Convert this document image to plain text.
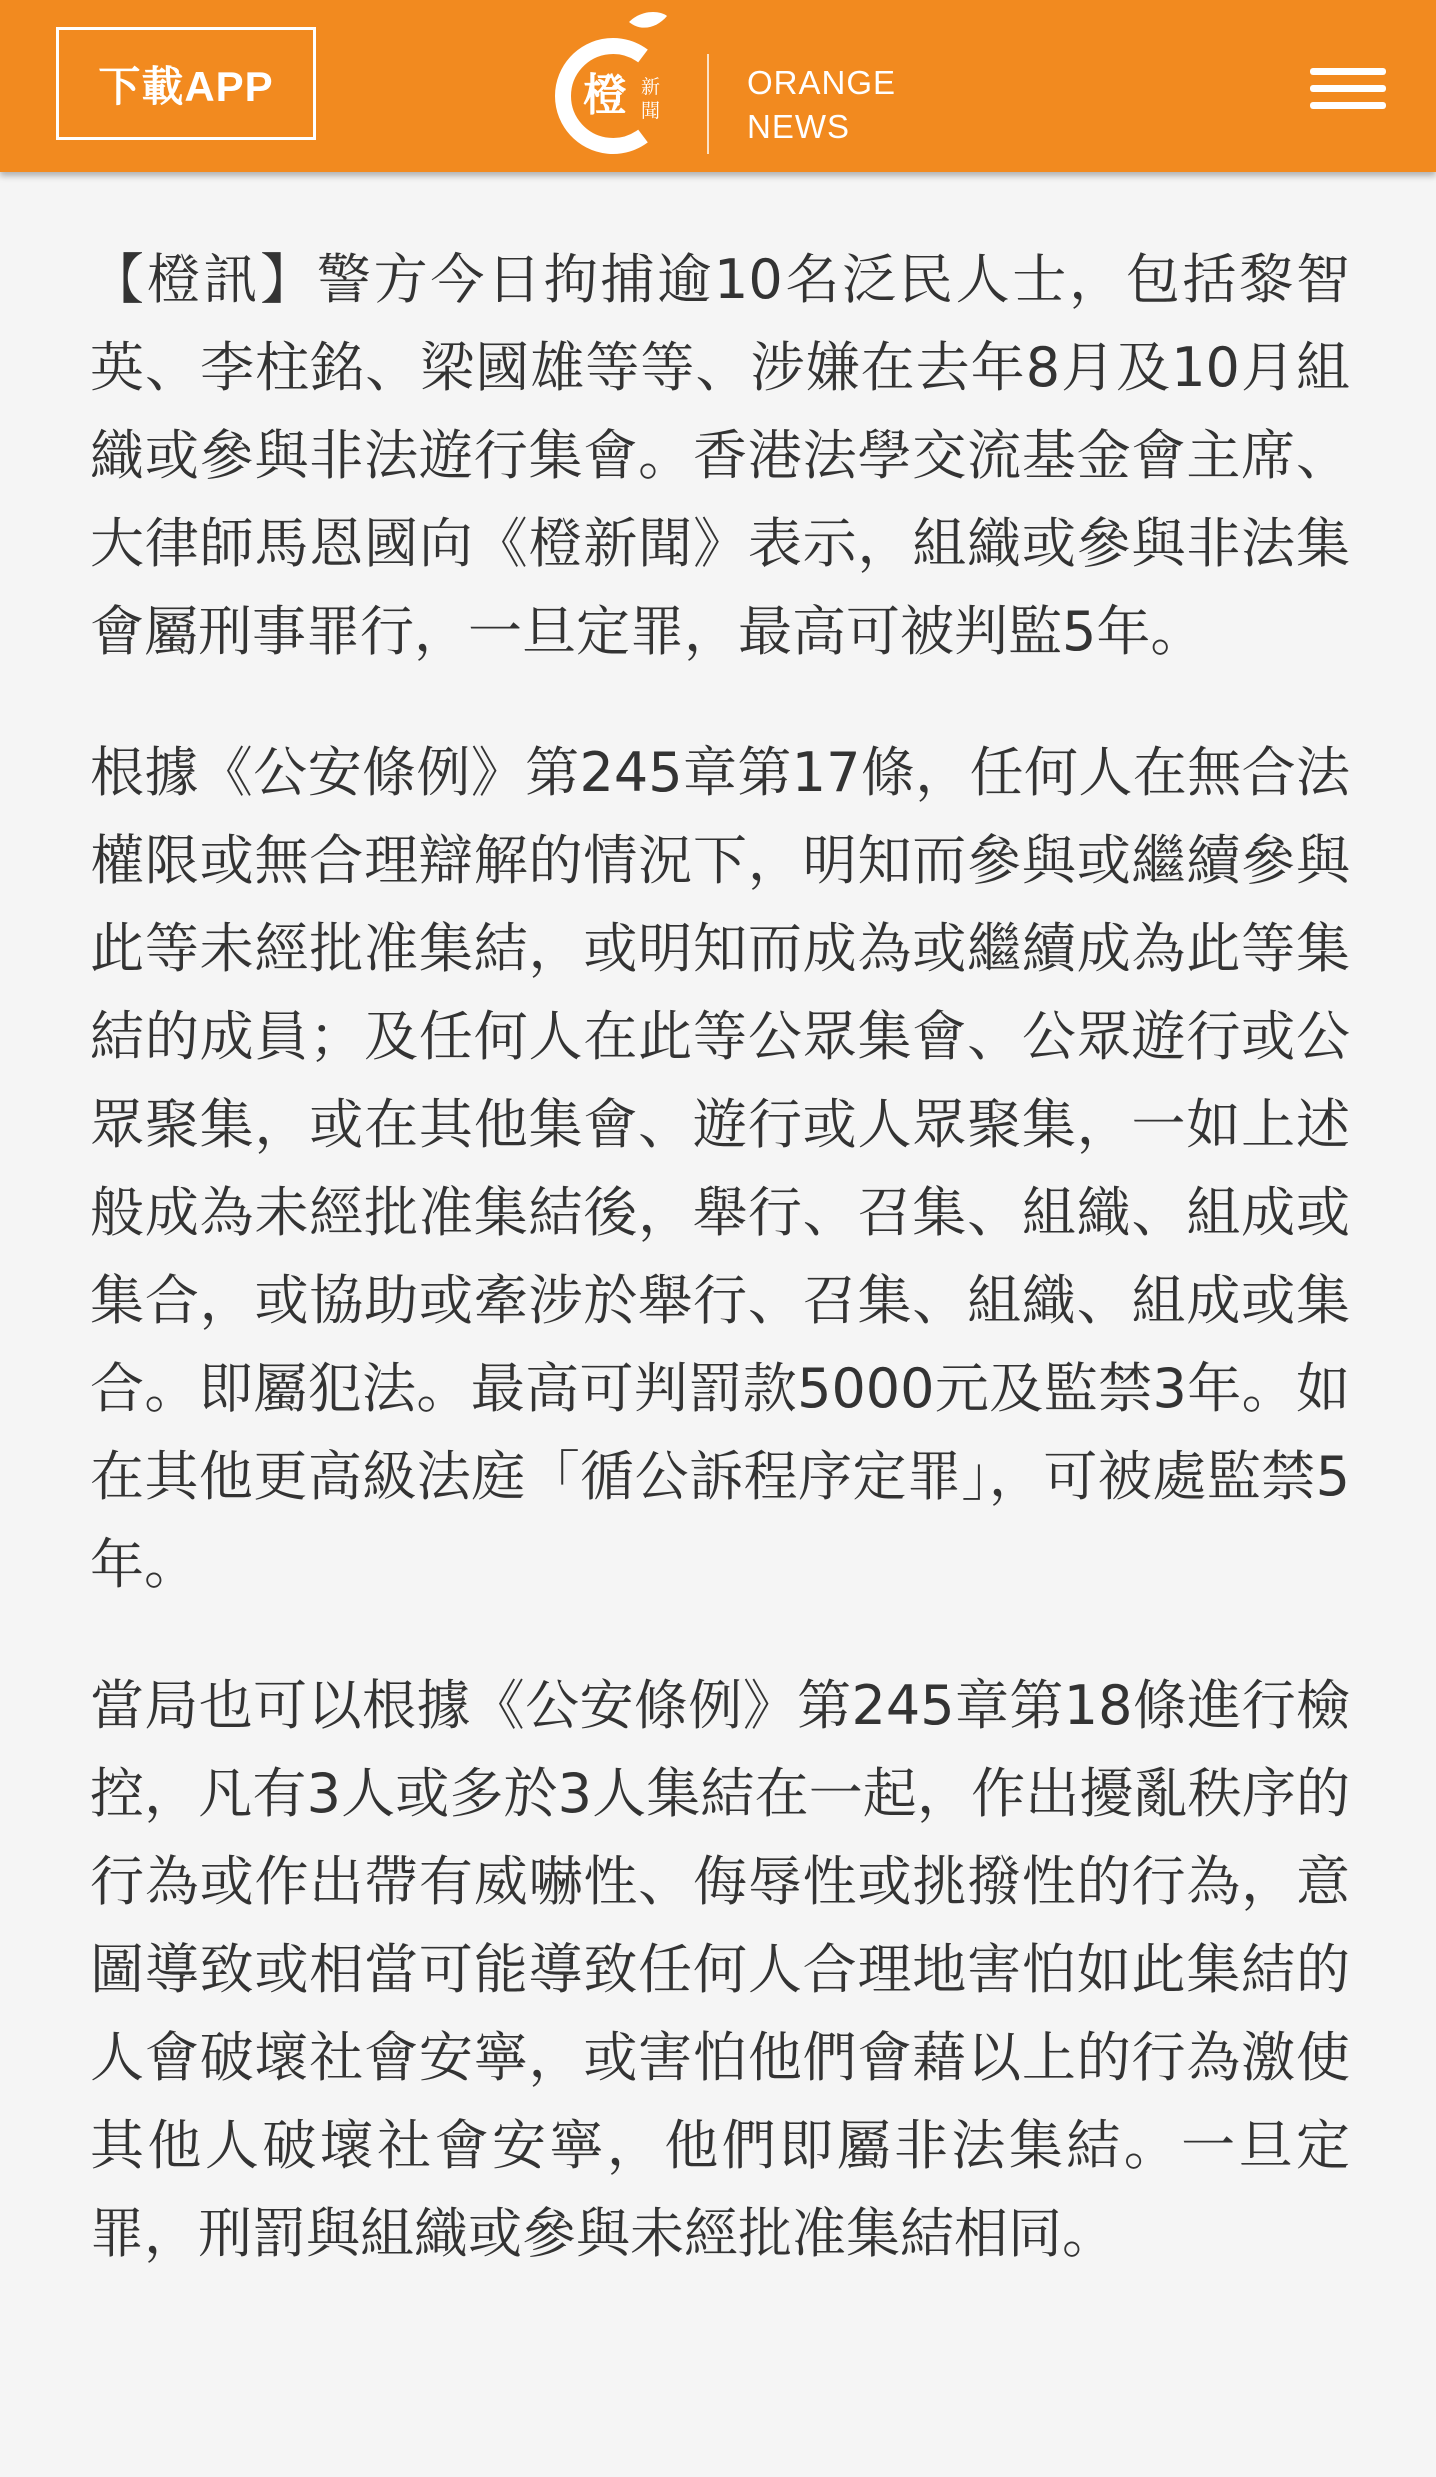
下載APP	橙 新
聞
ORANGE
NEWS

【橙訊】警方今日拘捕逾10名泛民人士，包括黎智英、李柱銘、梁國雄等等、涉嫌在去年8月及10月組織或參與非法遊行集會。香港法學交流基金會主席、大律師馬恩國向《橙新聞》表示，組織或參與非法集會屬刑事罪行，一旦定罪，最高可被判監5年。

根據《公安條例》第245章第17條，任何人在無合法權限或無合理辯解的情況下，明知而參與或繼續參與此等未經批准集結，或明知而成為或繼續成為此等集結的成員；及任何人在此等公眾集會、公眾遊行或公眾聚集，或在其他集會、遊行或人眾聚集，一如上述般成為未經批准集結後，舉行、召集、組織、組成或集合，或協助或牽涉於舉行、召集、組織、組成或集合。即屬犯法。最高可判罰款5000元及監禁3年。如在其他更高級法庭「循公訴程序定罪」，可被處監禁5年。

當局也可以根據《公安條例》第245章第18條進行檢控，凡有3人或多於3人集結在一起，作出擾亂秩序的行為或作出帶有威嚇性、侮辱性或挑撥性的行為，意圖導致或相當可能導致任何人合理地害怕如此集結的人會破壞社會安寧，或害怕他們會藉以上的行為激使其他人破壞社會安寧，他們即屬非法集結。一旦定罪，刑罰與組織或參與未經批准集結相同。
